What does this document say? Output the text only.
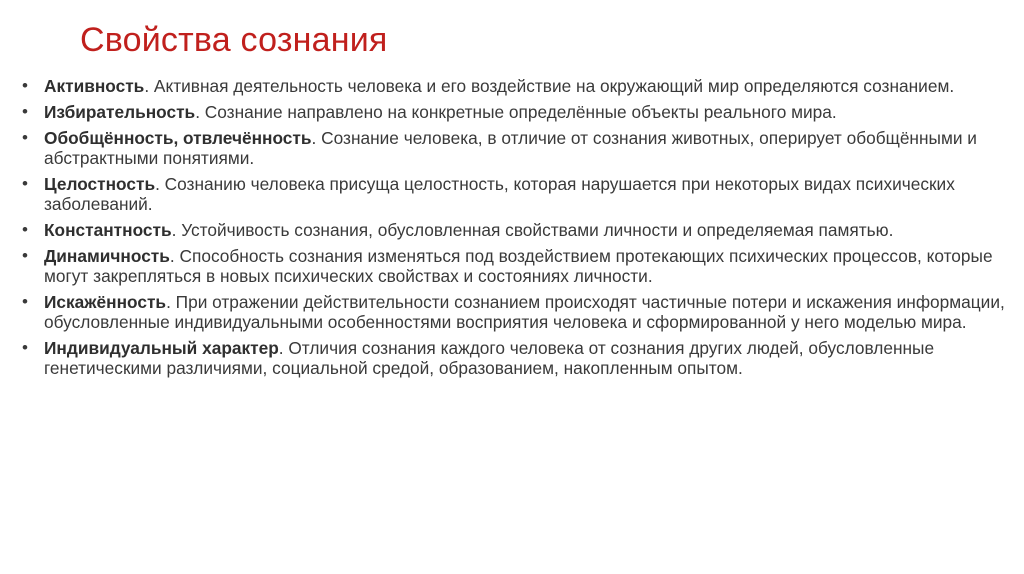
Свойства сознания
• Активность. Активная деятельность человека и его воздействие на окружающий мир определяются сознанием.
• Избирательность. Сознание направлено на конкретные определённые объекты реального мира.
• Обобщённость, отвлечённость. Сознание человека, в отличие от сознания животных, оперирует обобщёнными и абстрактными понятиями.
• Целостность. Сознанию человека присуща целостность, которая нарушается при некоторых видах психических заболеваний.
• Константность. Устойчивость сознания, обусловленная свойствами личности и определяемая памятью.
• Динамичность. Способность сознания изменяться под воздействием протекающих психических процессов, которые могут закрепляться в новых психических свойствах и состояниях личности.
• Искажённость. При отражении действительности сознанием происходят частичные потери и искажения информации, обусловленные индивидуальными особенностями восприятия человека и сформированной у него моделью мира.
• Индивидуальный характер. Отличия сознания каждого человека от сознания других людей, обусловленные генетическими различиями, социальной средой, образованием, накопленным опытом.
